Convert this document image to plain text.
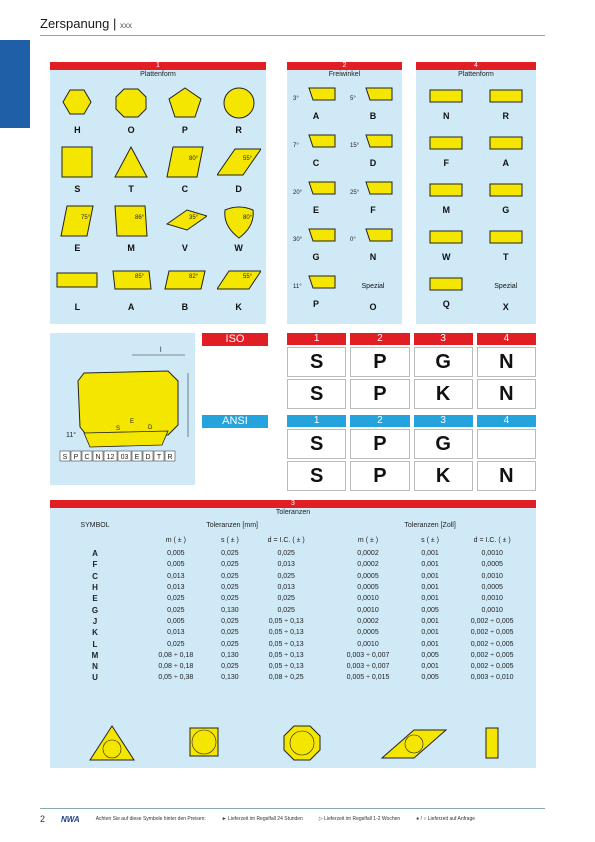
Zerspanung | xxx
1
Plattenform
H	O	P	R
S	T
80°
C
55°
D
75°
E
86°
M
35°
V
80°
W
L
85°
A
82°
B
55°
K
2
Freiwinkel
3°
A
5°
B
7°
C
15°
D
20°
E
25°
F
30°
G
0°
N
11°
P
Spezial
O
4
Plattenform
N	R
F	A
M	G
W	T
Q
Spezial
X
l
E
S	D
11°
S P C N 12 03 E D T R
ISO
ANSI
1	2	3	4
S	P	G	N
S	P	K	N
1	2	3	4
S	P	G
S	P	K	N
3
Toleranzen
SYMBOL	Toleranzen [mm]			Toleranzen [Zoll]		
	m ( ± )	s ( ± )	d = I.C. ( ± )	m ( ± )	s ( ± )	d = I.C. ( ± )
A	0,005	0,025	0,025	0,0002	0,001	0,0010
F	0,005	0,025	0,013	0,0002	0,001	0,0005
C	0,013	0,025	0,025	0,0005	0,001	0,0010
H	0,013	0,025	0,013	0,0005	0,001	0,0005
E	0,025	0,025	0,025	0,0010	0,001	0,0010
G	0,025	0,130	0,025	0,0010	0,005	0,0010
J	0,005	0,025	0,05 ÷ 0,13	0,0002	0,001	0,002 ÷ 0,005
K	0,013	0,025	0,05 ÷ 0,13	0,0005	0,001	0,002 ÷ 0,005
L	0,025	0,025	0,05 ÷ 0,13	0,0010	0,001	0,002 ÷ 0,005
M	0,08 ÷ 0,18	0,130	0,05 ÷ 0,13	0,003 ÷ 0,007	0,005	0,002 ÷ 0,005
N	0,08 ÷ 0,18	0,025	0,05 ÷ 0,13	0,003 ÷ 0,007	0,001	0,002 ÷ 0,005
U	0,05 ÷ 0,38	0,130	0,08 ÷ 0,25	0,005 ÷ 0,015	0,005	0,003 ÷ 0,010
2 NWA	Achten Sie auf diese Symbole hinter den Preisen:	► Lieferzeit im Regelfall 24 Stunden	▷ Lieferzeit im Regelfall 1-2 Wochen	● / ○ Lieferzeit auf Anfrage
